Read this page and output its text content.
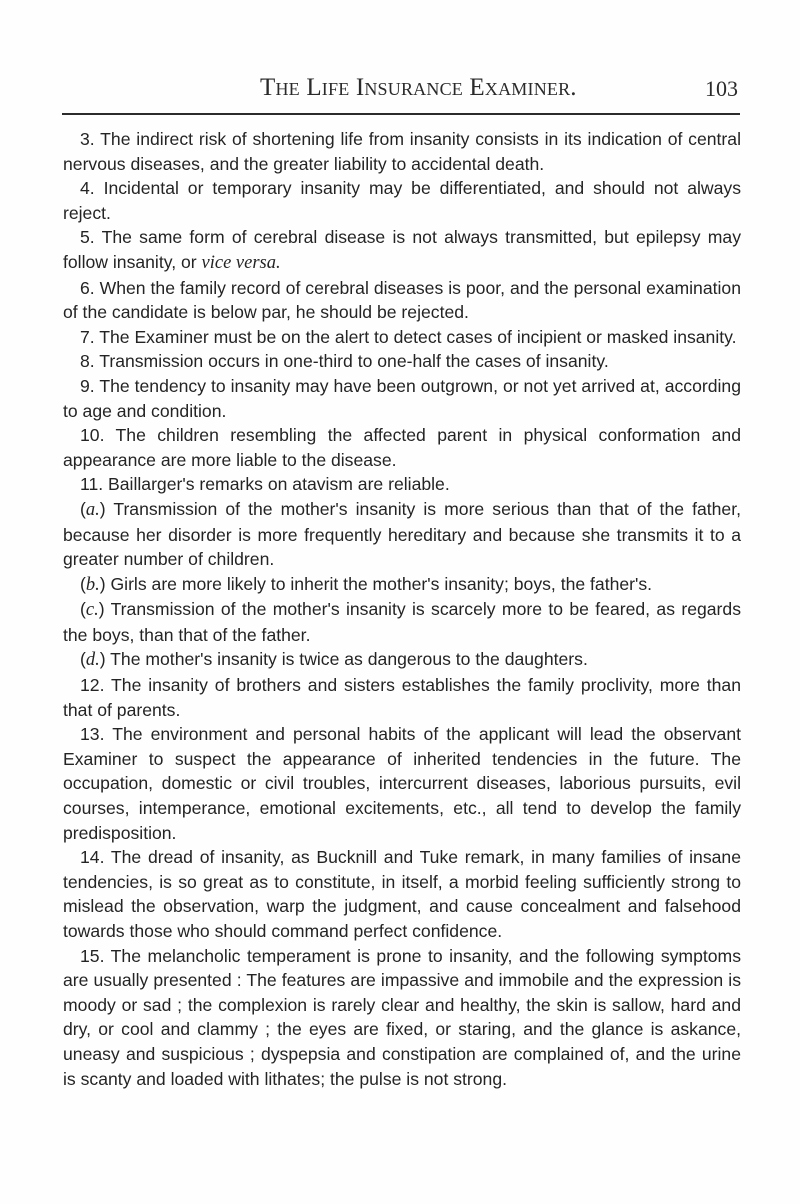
The Life Insurance Examiner.	103

3. The indirect risk of shortening life from insanity consists in its indication of central nervous diseases, and the greater liability to accidental death.

4. Incidental or temporary insanity may be differentiated, and should not always reject.

5. The same form of cerebral disease is not always transmitted, but epilepsy may follow insanity, or vice versa.

6. When the family record of cerebral diseases is poor, and the personal examination of the candidate is below par, he should be rejected.

7. The Examiner must be on the alert to detect cases of incipient or masked insanity.

8. Transmission occurs in one-third to one-half the cases of insanity.

9. The tendency to insanity may have been outgrown, or not yet arrived at, according to age and condition.

10. The children resembling the affected parent in physical conformation and appearance are more liable to the disease.

11. Baillarger's remarks on atavism are reliable.

(a.) Transmission of the mother's insanity is more serious than that of the father, because her disorder is more frequently hereditary and because she transmits it to a greater number of children.

(b.) Girls are more likely to inherit the mother's insanity; boys, the father's.

(c.) Transmission of the mother's insanity is scarcely more to be feared, as regards the boys, than that of the father.

(d.) The mother's insanity is twice as dangerous to the daughters.

12. The insanity of brothers and sisters establishes the family proclivity, more than that of parents.

13. The environment and personal habits of the applicant will lead the observant Examiner to suspect the appearance of inherited tendencies in the future. The occupation, domestic or civil troubles, intercurrent diseases, laborious pursuits, evil courses, intemperance, emotional excitements, etc., all tend to develop the family predisposition.

14. The dread of insanity, as Bucknill and Tuke remark, in many families of insane tendencies, is so great as to constitute, in itself, a morbid feeling sufficiently strong to mislead the observation, warp the judgment, and cause concealment and falsehood towards those who should command perfect confidence.

15. The melancholic temperament is prone to insanity, and the following symptoms are usually presented : The features are impassive and immobile and the expression is moody or sad ; the complexion is rarely clear and healthy, the skin is sallow, hard and dry, or cool and clammy ; the eyes are fixed, or staring, and the glance is askance, uneasy and suspicious ; dyspepsia and constipation are complained of, and the urine is scanty and loaded with lithates; the pulse is not strong.
